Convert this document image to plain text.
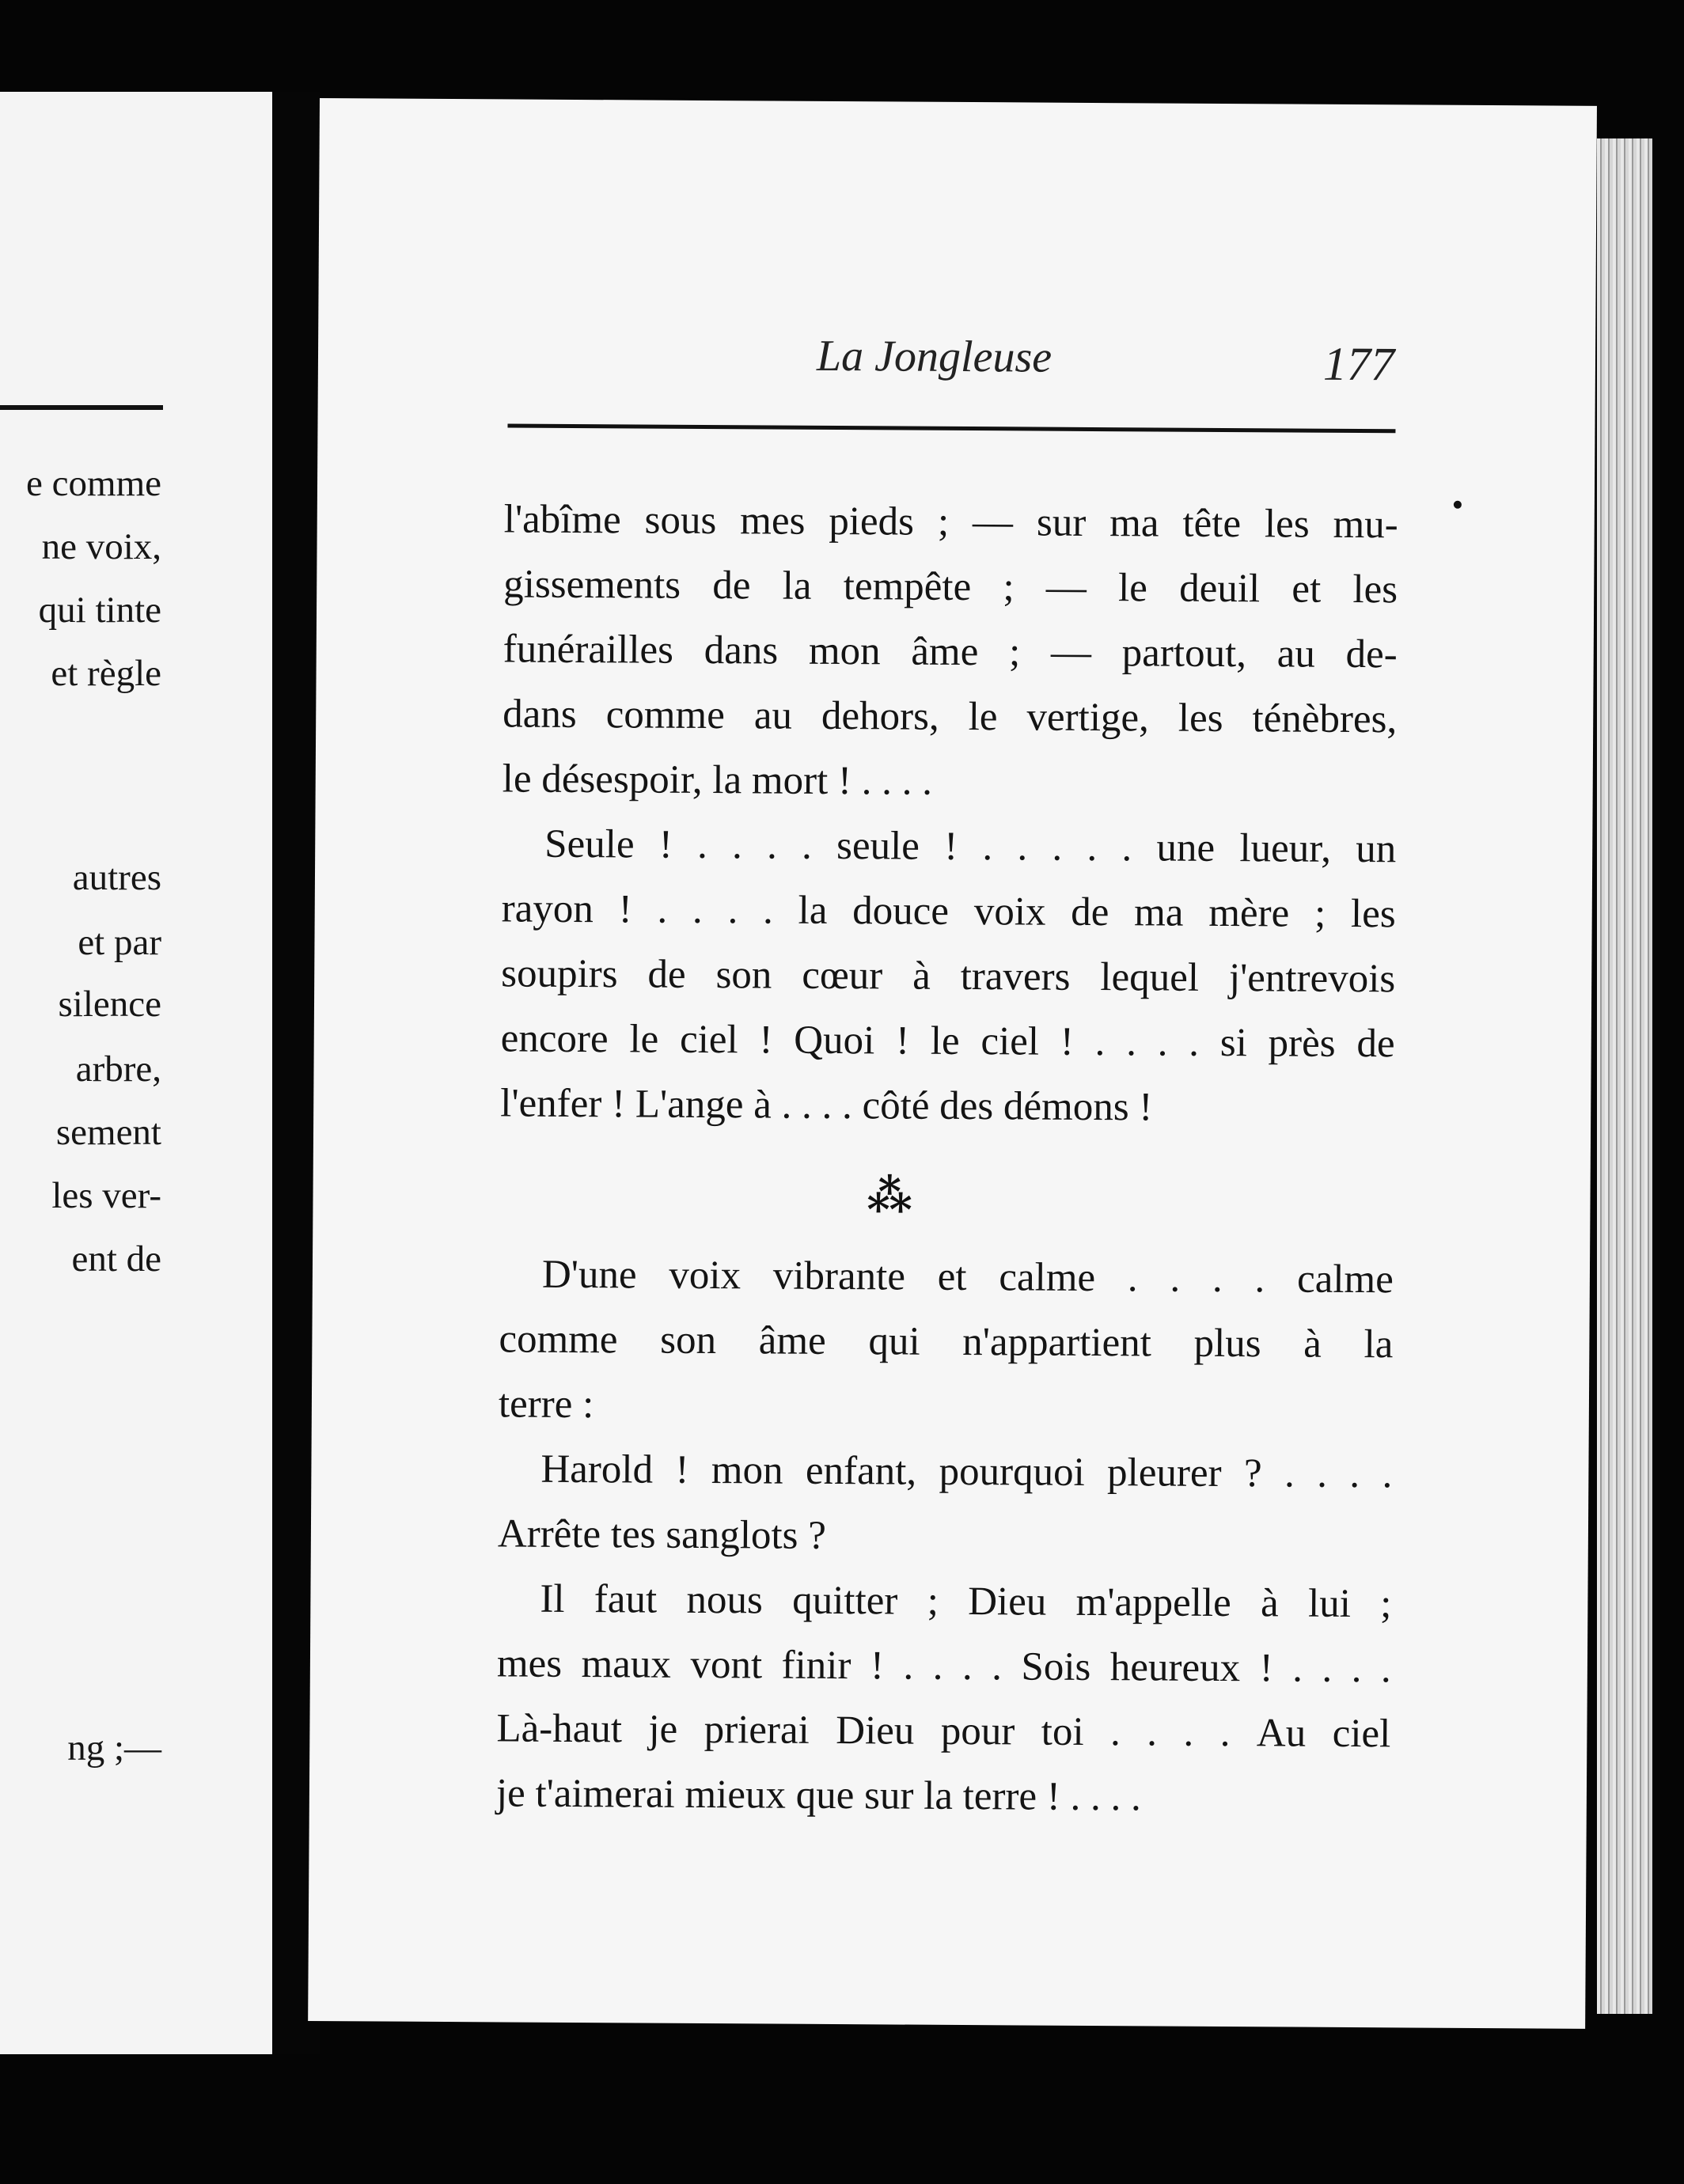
e comme
ne voix,
qui tinte
et règle
autres
et par
silence
arbre,
sement
les ver-
ent de
ng ;—
La Jongleuse	177
l'abîme sous mes pieds ; — sur ma tête les mu-
gissements de la tempête ; — le deuil et les
funérailles dans mon âme ; — partout, au de-
dans comme au dehors, le vertige, les ténèbres,
le désespoir, la mort ! . . . .
Seule ! . . . . seule ! . . . . . une lueur, un
rayon ! . . . . la douce voix de ma mère ; les
soupirs de son cœur à travers lequel j'entrevois
encore le ciel ! Quoi ! le ciel ! . . . . si près de
l'enfer ! L'ange à . . . . côté des démons !
⁂
D'une voix vibrante et calme . . . . calme
comme son âme qui n'appartient plus à la
terre :
Harold ! mon enfant, pourquoi pleurer ? . . . .
Arrête tes sanglots ?
Il faut nous quitter ; Dieu m'appelle à lui ;
mes maux vont finir ! . . . . Sois heureux ! . . . .
Là-haut je prierai Dieu pour toi . . . . Au ciel
je t'aimerai mieux que sur la terre ! . . . .
